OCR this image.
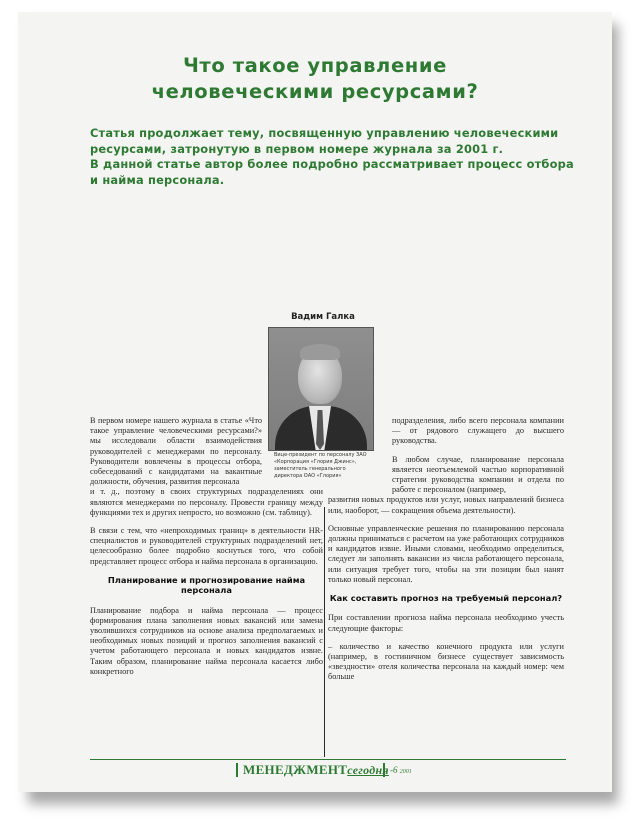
Что такое управление
человеческими ресурсами?

Статья продолжает тему, посвященную управлению человеческими ресурсами, затронутую в первом номере журнала за 2001 г.

В данной статье автор более подробно рассматривает процесс отбора и найма персонала.

Вадим Галка
Вице-президент по персоналу ЗАО «Корпорация «Глория Джинс», заместитель генерального директора ОАО «Глория»

В первом номере нашего журнала в статье «Что такое управление человеческими ресурсами?» мы исследовали области взаимодействия руководителей с менеджерами по персоналу. Руководители вовлечены в процессы отбора, собеседований с кандидатами на вакантные должности, обучения, развития персонала

и т. д., поэтому в своих структурных подразделениях они являются менеджерами по персоналу. Провести границу между функциями тех и других непросто, но возможно (см. таблицу).

В связи с тем, что «непроходимых границ» в деятельности HR-специалистов и руководителей структурных подразделений нет, целесообразно более подробно коснуться того, что собой представляет процесс отбора и найма персонала в организацию.

Планирование и прогнозирование найма персонала

Планирование подбора и найма персонала — процесс формирования плана заполнения новых вакансий или замена уволившихся сотрудников на основе анализа предполагаемых и необходимых новых позиций и прогноз заполнения вакансий с учетом работающего персонала и новых кандидатов извне. Таким образом, планирование найма персонала касается либо конкретного

подразделения, либо всего персонала компании — от рядового служащего до высшего руководства.

В любом случае, планирование персонала является неотъемлемой частью корпоративной стратегии руководства компании и отдела по работе с персоналом (например,

развития новых продуктов или услуг, новых направлений бизнеса или, наоборот, — сокращения объема деятельности).

Основные управленческие решения по планированию персонала должны приниматься с расчетом на уже работающих сотрудников и кандидатов извне. Иными словами, необходимо определиться, следует ли заполнять вакансии из числа работающего персонала, или ситуация требует того, чтобы на эти позиции был нанят только новый персонал.

Как составить прогноз на требуемый персонал?

При составлении прогноза найма персонала необходимо учесть следующие факторы:

– количество и качество конечного продукта или услуги (например, в гостиничном бизнесе существует зависимость «звездности» отеля количества персонала на каждый номер: чем больше

МЕНЕДЖМЕНТсегодня -6 2001
